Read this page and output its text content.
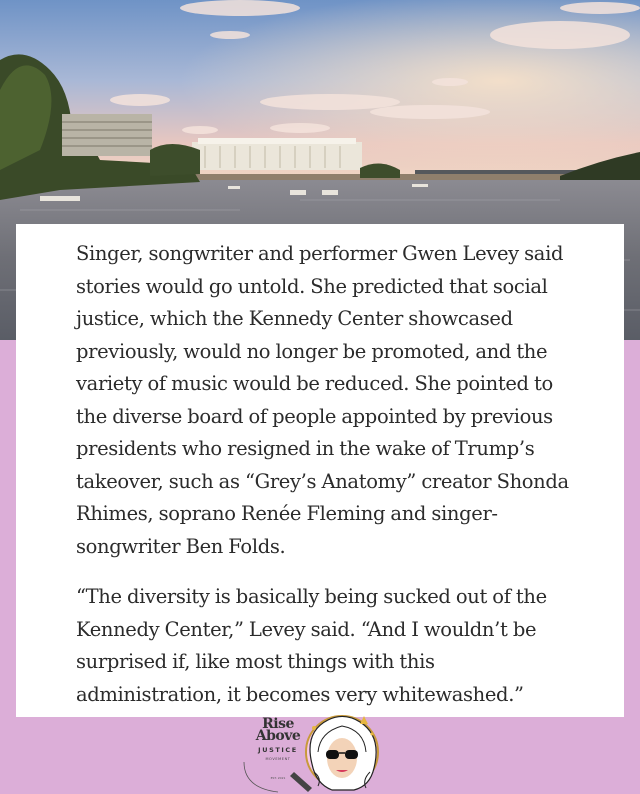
Singer, songwriter and performer Gwen Levey said stories would go untold. She predicted that social justice, which the Kennedy Center showcased previously, would no longer be promoted, and the variety of music would be reduced. She pointed to the diverse board of people appointed by previous presidents who resigned in the wake of Trump’s takeover, such as “Grey’s Anatomy” creator Shonda Rhimes, soprano Renée Fleming and singer-songwriter Ben Folds.

“The diversity is basically being sucked out of the Kennedy Center,” Levey said. “And I wouldn’t be surprised if, like most things with this administration, it becomes very whitewashed.”

Rise
Above
JUSTICE
MOVEMENT
EST. 2021
